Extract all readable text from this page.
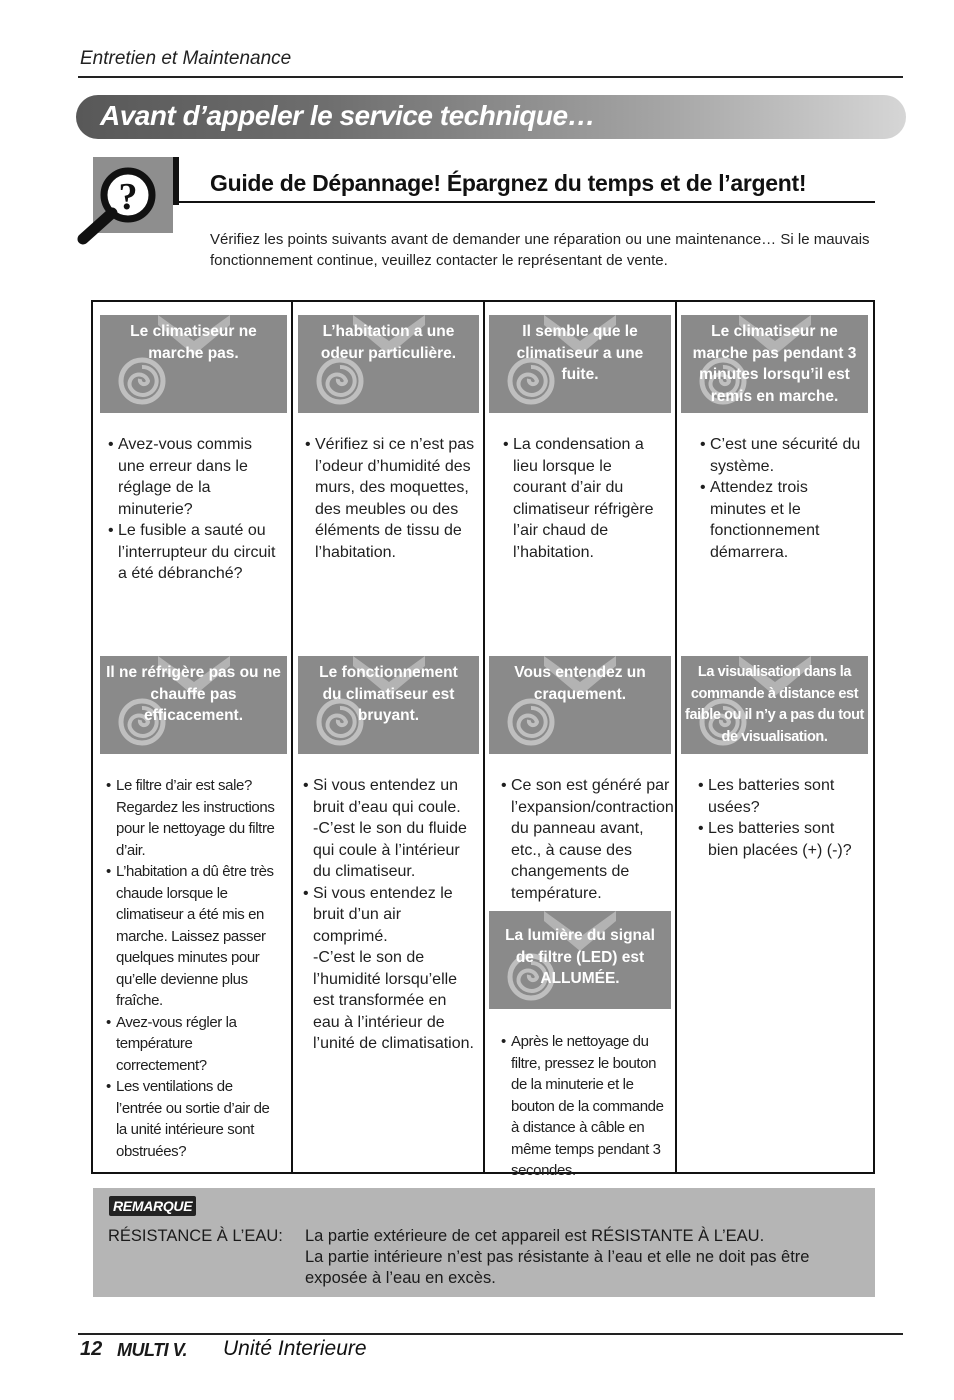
Entretien et Maintenance
Avant d’appeler le service technique…
?	Guide de Dépannage! Épargnez du temps et de l’argent!
Vérifiez les points suivants avant de demander une réparation ou une maintenance… Si le mauvais fonctionnement continue, veuillez contacter le représentant de vente.
Le climatiseur ne marche pas.
L’habitation a une odeur particulière.
Il semble que le climatiseur a une fuite.
Le climatiseur ne marche pas pendant 3 minutes lorsqu’il est remis en marche.
• Avez-vous commis une erreur dans le réglage de la minuterie?
• Le fusible a sauté ou l’interrupteur du circuit a été débranché?
• Vérifiez si ce n’est pas l’odeur d’humidité des murs, des moquettes, des meubles ou des éléments de tissu de l’habitation.
• La condensation a lieu lorsque le courant d’air du climatiseur réfrigère l’air chaud de l’habitation.
• C’est une sécurité du système.
• Attendez trois minutes et le fonctionnement démarrera.
Il ne réfrigère pas ou ne chauffe pas efficacement.
Le fonctionnement du climatiseur est bruyant.
Vous entendez un craquement.
La visualisation dans la commande à distance est faible ou il n’y a pas du tout de visualisation.
• Le filtre d’air est sale? Regardez les instructions pour le nettoyage du filtre d’air.
• L’habitation a dû être très chaude lorsque le climatiseur a été mis en marche. Laissez passer quelques minutes pour qu’elle devienne plus fraîche.
• Avez-vous régler la température correctement?
• Les ventilations de l’entrée ou sortie d’air de la unité intérieure sont obstruées?
• Si vous entendez un bruit d’eau qui coule.
-C’est le son du fluide qui coule à l’intérieur du climatiseur.
• Si vous entendez le bruit d’un air comprimé.
-C’est le son de l’humidité lorsqu’elle est transformée en eau à l’intérieur de l’unité de climatisation.
• Ce son est généré par l’expansion/contraction du panneau avant, etc., à cause des changements de température.
La lumière du signal de filtre (LED) est ALLUMÉE.
• Après le nettoyage du filtre, pressez le bouton de la minuterie et le bouton de la commande à distance à câble en même temps pendant 3 secondes.
• Les batteries sont usées?
• Les batteries sont bien placées (+) (-)?
REMARQUE
RÉSISTANCE À L’EAU: La partie extérieure de cet appareil est RÉSISTANTE À L’EAU.
La partie intérieure n’est pas résistante à l’eau et elle ne doit pas être exposée à l’eau en excès.
12 MULTI V. Unité Interieure
